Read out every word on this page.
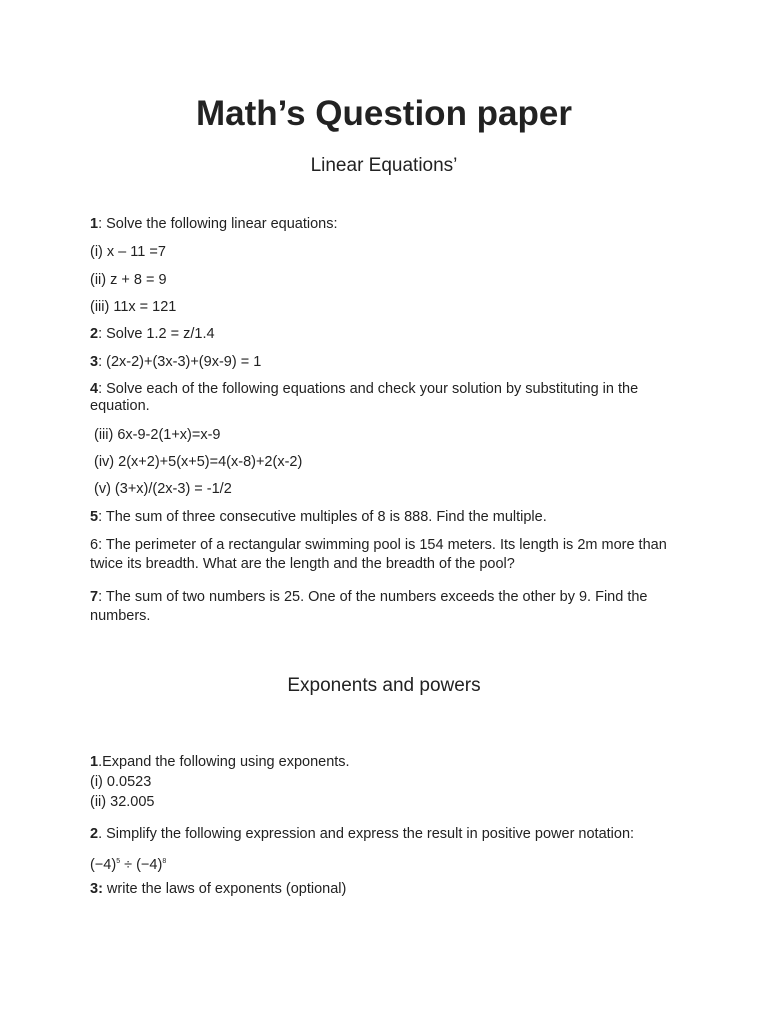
Math’s Question paper
Linear Equations’
1: Solve the following linear equations:
(i) x – 11 =7
(ii) z + 8 = 9
(iii) 11x = 121
2: Solve 1.2 = z/1.4
3: (2x-2)+(3x-3)+(9x-9) = 1
4: Solve each of the following equations and check your solution by substituting in the equation.
(iii) 6x-9-2(1+x)=x-9
(iv) 2(x+2)+5(x+5)=4(x-8)+2(x-2)
(v) (3+x)/(2x-3) = -1/2
5: The sum of three consecutive multiples of 8 is 888. Find the multiple.
6: The perimeter of a rectangular swimming pool is 154 meters. Its length is 2m more than twice its breadth. What are the length and the breadth of the pool?
7: The sum of two numbers is 25. One of the numbers exceeds the other by 9. Find the numbers.
Exponents and powers
1.Expand the following using exponents.
(i) 0.0523
(ii) 32.005
2. Simplify the following expression and express the result in positive power notation:
$(-4)^5 \div (-4)^8$
3: write the laws of exponents (optional)
